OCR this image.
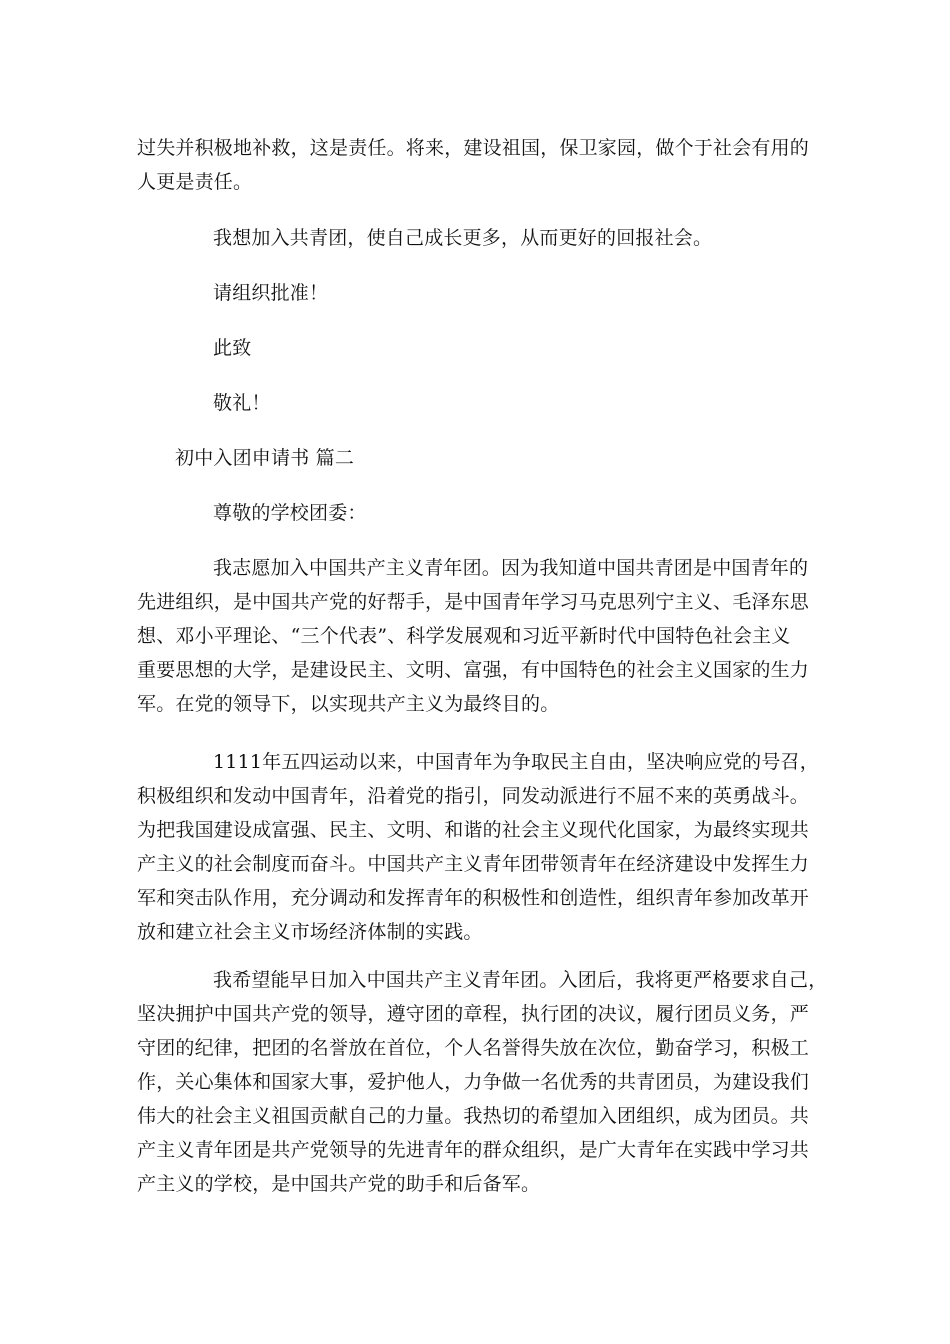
过失并积极地补救，这是责任。将来，建设祖国，保卫家园，做个于社会有用的
人更是责任。
我想加入共青团，使自己成长更多，从而更好的回报社会。
请组织批准！
此致
敬礼！
初中入团申请书 篇二
尊敬的学校团委：
我志愿加入中国共产主义青年团。因为我知道中国共青团是中国青年的
先进组织，是中国共产党的好帮手，是中国青年学习马克思列宁主义、毛泽东思
想、邓小平理论、“三个代表”、科学发展观和习近平新时代中国特色社会主义
重要思想的大学，是建设民主、文明、富强，有中国特色的社会主义国家的生力
军。在党的领导下，以实现共产主义为最终目的。
1111年五四运动以来，中国青年为争取民主自由，坚决响应党的号召，
积极组织和发动中国青年，沿着党的指引，同发动派进行不屈不来的英勇战斗。
为把我国建设成富强、民主、文明、和谐的社会主义现代化国家，为最终实现共
产主义的社会制度而奋斗。中国共产主义青年团带领青年在经济建设中发挥生力
军和突击队作用，充分调动和发挥青年的积极性和创造性，组织青年参加改革开
放和建立社会主义市场经济体制的实践。
我希望能早日加入中国共产主义青年团。入团后，我将更严格要求自己，
坚决拥护中国共产党的领导，遵守团的章程，执行团的决议，履行团员义务，严
守团的纪律，把团的名誉放在首位，个人名誉得失放在次位，勤奋学习，积极工
作，关心集体和国家大事，爱护他人，力争做一名优秀的共青团员，为建设我们
伟大的社会主义祖国贡献自己的力量。我热切的希望加入团组织，成为团员。共
产主义青年团是共产党领导的先进青年的群众组织，是广大青年在实践中学习共
产主义的学校，是中国共产党的助手和后备军。
